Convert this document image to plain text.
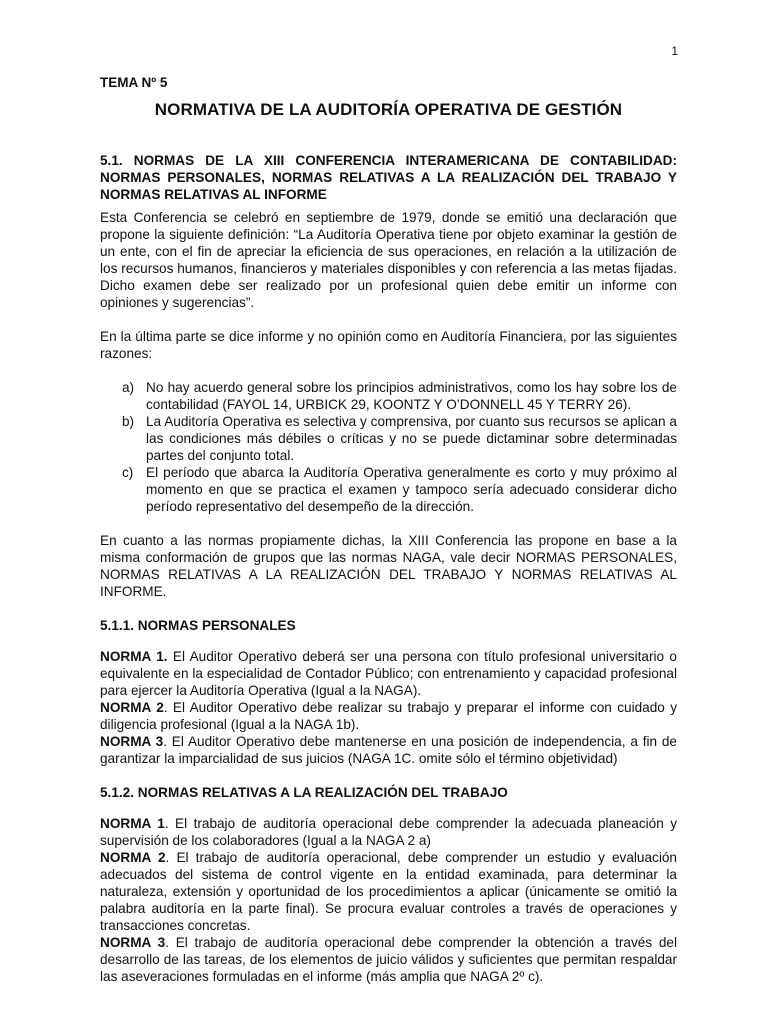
1
TEMA Nº 5
NORMATIVA DE LA AUDITORÍA OPERATIVA DE GESTIÓN
5.1. NORMAS DE LA XIII CONFERENCIA INTERAMERICANA DE CONTABILIDAD: NORMAS PERSONALES, NORMAS RELATIVAS A LA REALIZACIÓN DEL TRABAJO Y NORMAS RELATIVAS AL INFORME

Esta Conferencia se celebró en septiembre de 1979, donde se emitió una declaración que propone la siguiente definición: “La Auditoría Operativa tiene por objeto examinar la gestión de un ente, con el fin de apreciar la eficiencia de sus operaciones, en relación a la utilización de los recursos humanos, financieros y materiales disponibles y con referencia a las metas fijadas. Dicho examen debe ser realizado por un profesional quien debe emitir un informe con opiniones y sugerencias”.

En la última parte se dice informe y no opinión como en Auditoría Financiera, por las siguientes razones:

a) No hay acuerdo general sobre los principios administrativos, como los hay sobre los de contabilidad (FAYOL 14, URBICK 29, KOONTZ Y O’DONNELL 45 Y TERRY 26).
b) La Auditoría Operativa es selectiva y comprensiva, por cuanto sus recursos se aplican a las condiciones más débiles o críticas y no se puede dictaminar sobre determinadas partes del conjunto total.
c) El período que abarca la Auditoría Operativa generalmente es corto y muy próximo al momento en que se practica el examen y tampoco sería adecuado considerar dicho período representativo del desempeño de la dirección.

En cuanto a las normas propiamente dichas, la XIII Conferencia las propone en base a la misma conformación de grupos que las normas NAGA, vale decir NORMAS PERSONALES, NORMAS RELATIVAS A LA REALIZACIÓN DEL TRABAJO Y NORMAS RELATIVAS AL INFORME.

5.1.1. NORMAS PERSONALES

NORMA 1. El Auditor Operativo deberá ser una persona con título profesional universitario o equivalente en la especialidad de Contador Público; con entrenamiento y capacidad profesional para ejercer la Auditoría Operativa (Igual a la NAGA).

NORMA 2. El Auditor Operativo debe realizar su trabajo y preparar el informe con cuidado y diligencia profesional (Igual a la NAGA 1b).

NORMA 3. El Auditor Operativo debe mantenerse en una posición de independencia, a fin de garantizar la imparcialidad de sus juicios (NAGA 1C. omite sólo el término objetividad)

5.1.2. NORMAS RELATIVAS A LA REALIZACIÓN DEL TRABAJO

NORMA 1. El trabajo de auditoría operacional debe comprender la adecuada planeación y supervisión de los colaboradores (Igual a la NAGA 2 a)

NORMA 2. El trabajo de auditoría operacional, debe comprender un estudio y evaluación adecuados del sistema de control vigente en la entidad examinada, para determinar la naturaleza, extensión y oportunidad de los procedimientos a aplicar (únicamente se omitió la palabra auditoría en la parte final). Se procura evaluar controles a través de operaciones y transacciones concretas.

NORMA 3. El trabajo de auditoría operacional debe comprender la obtención a través del desarrollo de las tareas, de los elementos de juicio válidos y suficientes que permitan respaldar las aseveraciones formuladas en el informe (más amplia que NAGA 2º c).
